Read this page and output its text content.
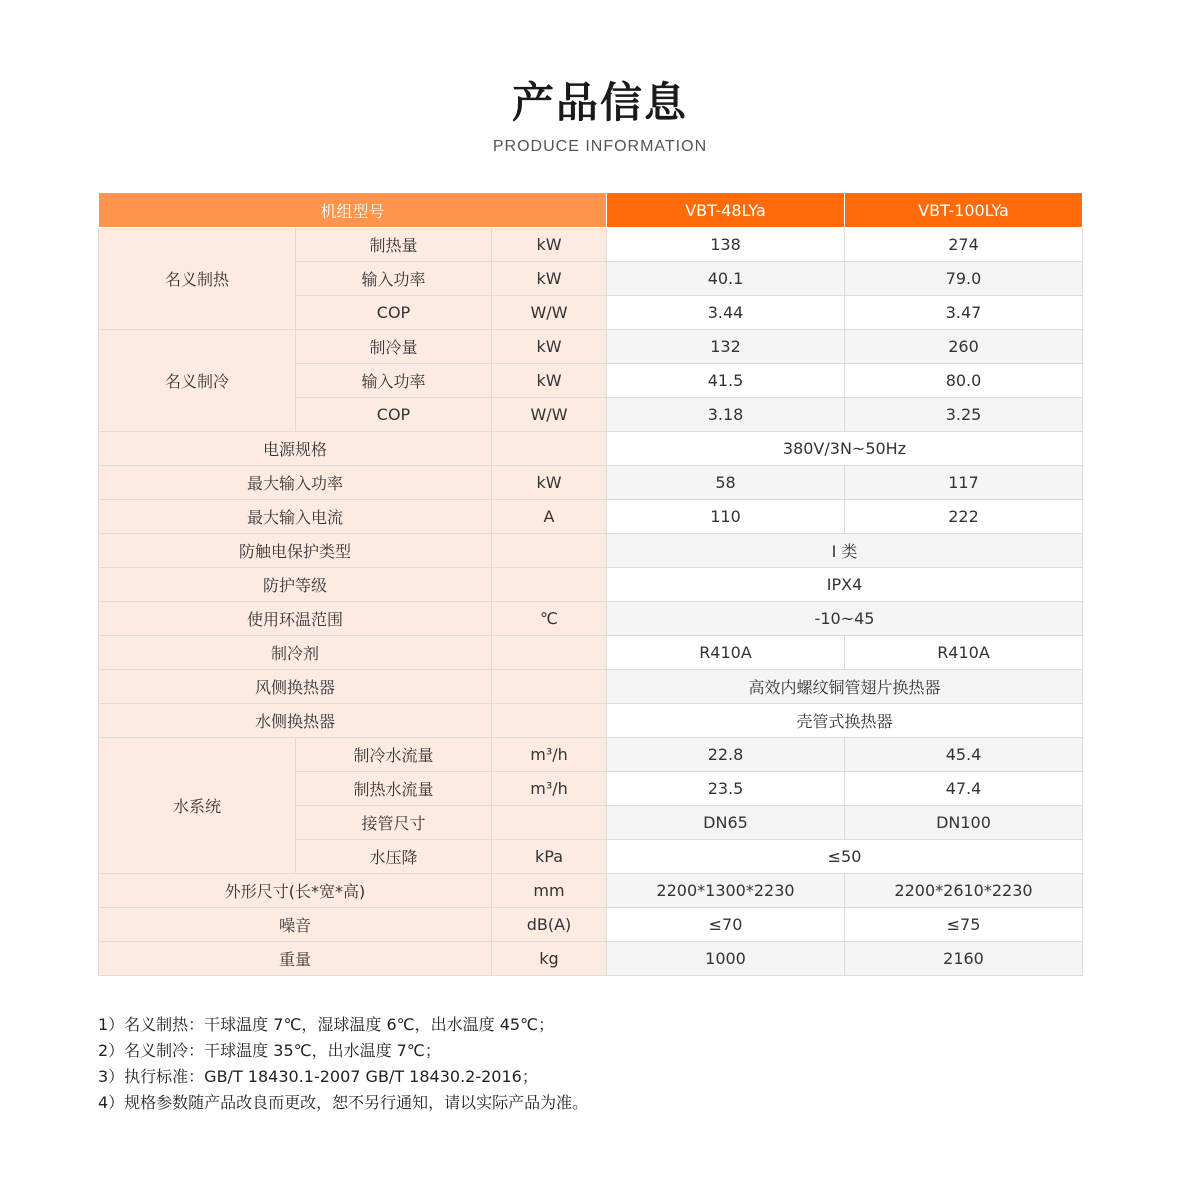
产品信息
PRODUCE INFORMATION
机组型号			VBT-48LYa	VBT-100LYa
名义制热	制热量	kW	138	274
	输入功率	kW	40.1	79.0
	COP	W/W	3.44	3.47
名义制冷	制冷量	kW	132	260
	输入功率	kW	41.5	80.0
	COP	W/W	3.18	3.25
电源规格			380V/3N~50Hz	
最大输入功率		kW	58	117
最大输入电流		A	110	222
防触电保护类型			I 类	
防护等级			IPX4	
使用环温范围		℃	-10~45	
制冷剂			R410A	R410A
风侧换热器			高效内螺纹铜管翅片换热器	
水侧换热器			壳管式换热器	
水系统	制冷水流量	m³/h	22.8	45.4
	制热水流量	m³/h	23.5	47.4
	接管尺寸		DN65	DN100
	水压降	kPa	≤50	
外形尺寸(长*宽*高)		mm	2200*1300*2230	2200*2610*2230
噪音		dB(A)	≤70	≤75
重量		kg	1000	2160
1）名义制热：干球温度 7℃，湿球温度 6℃，出水温度 45℃；
2）名义制冷：干球温度 35℃，出水温度 7℃；
3）执行标准：GB/T 18430.1-2007 GB/T 18430.2-2016；
4）规格参数随产品改良而更改，恕不另行通知，请以实际产品为准。
